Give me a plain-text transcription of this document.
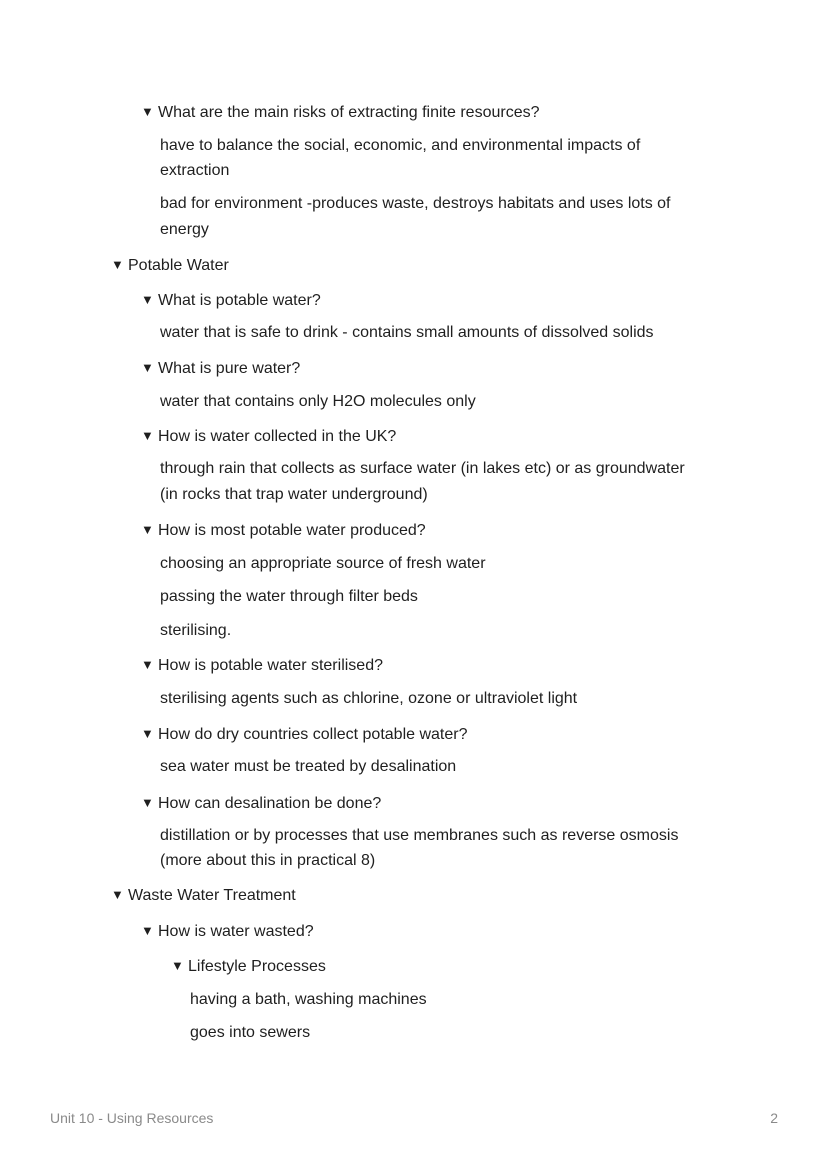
▼ What are the main risks of extracting finite resources?
have to balance the social, economic, and environmental impacts of
extraction
bad for environment -produces waste, destroys habitats and uses lots of
energy
▼ Potable Water
▼ What is potable water?
water that is safe to drink - contains small amounts of dissolved solids
▼ What is pure water?
water that contains only H2O molecules only
▼ How is water collected in the UK?
through rain that collects as surface water (in lakes etc) or as groundwater
(in rocks that trap water underground)
▼ How is most potable water produced?
choosing an appropriate source of fresh water
passing the water through filter beds
sterilising.
▼ How is potable water sterilised?
sterilising agents such as chlorine, ozone or ultraviolet light
▼ How do dry countries collect potable water?
sea water must be treated by desalination
▼ How can desalination be done?
distillation or by processes that use membranes such as reverse osmosis
(more about this in practical 8)
▼ Waste Water Treatment
▼ How is water wasted?
▼ Lifestyle Processes
having a bath, washing machines
goes into sewers
Unit 10 - Using Resources	2
